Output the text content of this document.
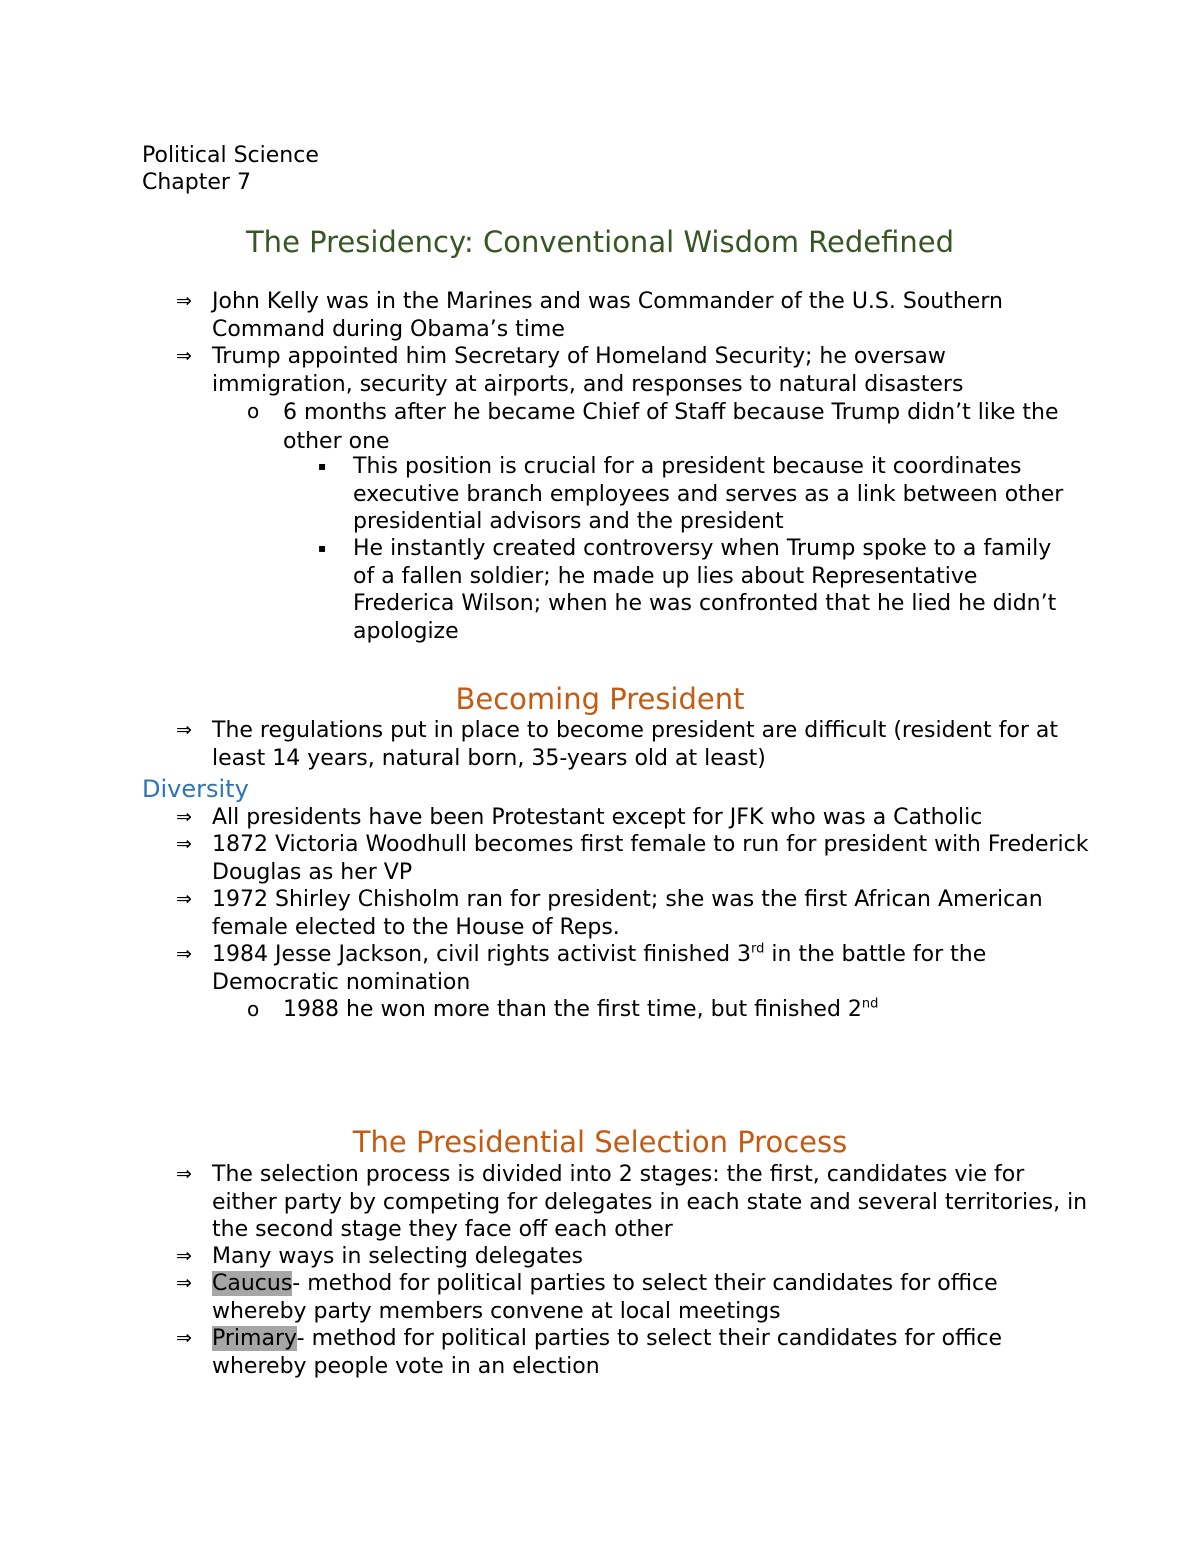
Political Science
Chapter 7
The Presidency: Conventional Wisdom Redefined
⇒ John Kelly was in the Marines and was Commander of the U.S. Southern Command during Obama’s time
⇒ Trump appointed him Secretary of Homeland Security; he oversaw immigration, security at airports, and responses to natural disasters
o 6 months after he became Chief of Staff because Trump didn’t like the other one
▪ This position is crucial for a president because it coordinates executive branch employees and serves as a link between other presidential advisors and the president
▪ He instantly created controversy when Trump spoke to a family of a fallen soldier; he made up lies about Representative Frederica Wilson; when he was confronted that he lied he didn’t apologize
Becoming President
⇒ The regulations put in place to become president are difficult (resident for at least 14 years, natural born, 35-years old at least)
Diversity
⇒ All presidents have been Protestant except for JFK who was a Catholic
⇒ 1872 Victoria Woodhull becomes first female to run for president with Frederick Douglas as her VP
⇒ 1972 Shirley Chisholm ran for president; she was the first African American female elected to the House of Reps.
⇒ 1984 Jesse Jackson, civil rights activist finished 3rd in the battle for the Democratic nomination
o 1988 he won more than the first time, but finished 2nd
The Presidential Selection Process
⇒ The selection process is divided into 2 stages: the first, candidates vie for either party by competing for delegates in each state and several territories, in the second stage they face off each other
⇒ Many ways in selecting delegates
⇒ Caucus- method for political parties to select their candidates for office whereby party members convene at local meetings
⇒ Primary- method for political parties to select their candidates for office whereby people vote in an election
